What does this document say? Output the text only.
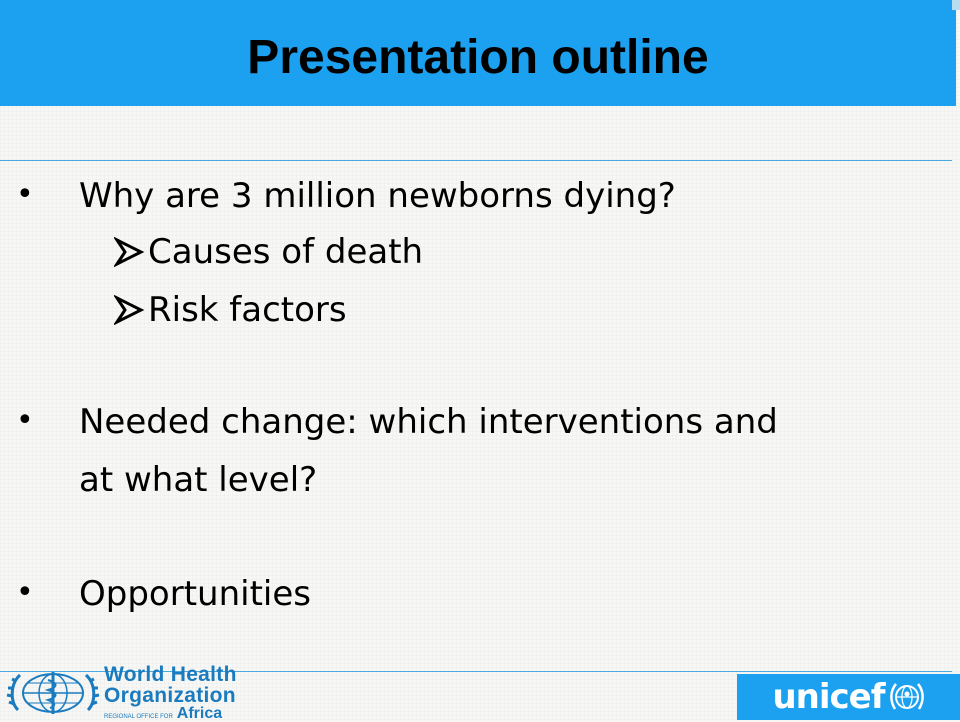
Presentation outline
• Why are 3 million newborns dying?
Causes of death
Risk factors
• Needed change: which interventions and
at what level?
• Opportunities
World Health
Organization
REGIONAL OFFICE FOR Africa	unicef
